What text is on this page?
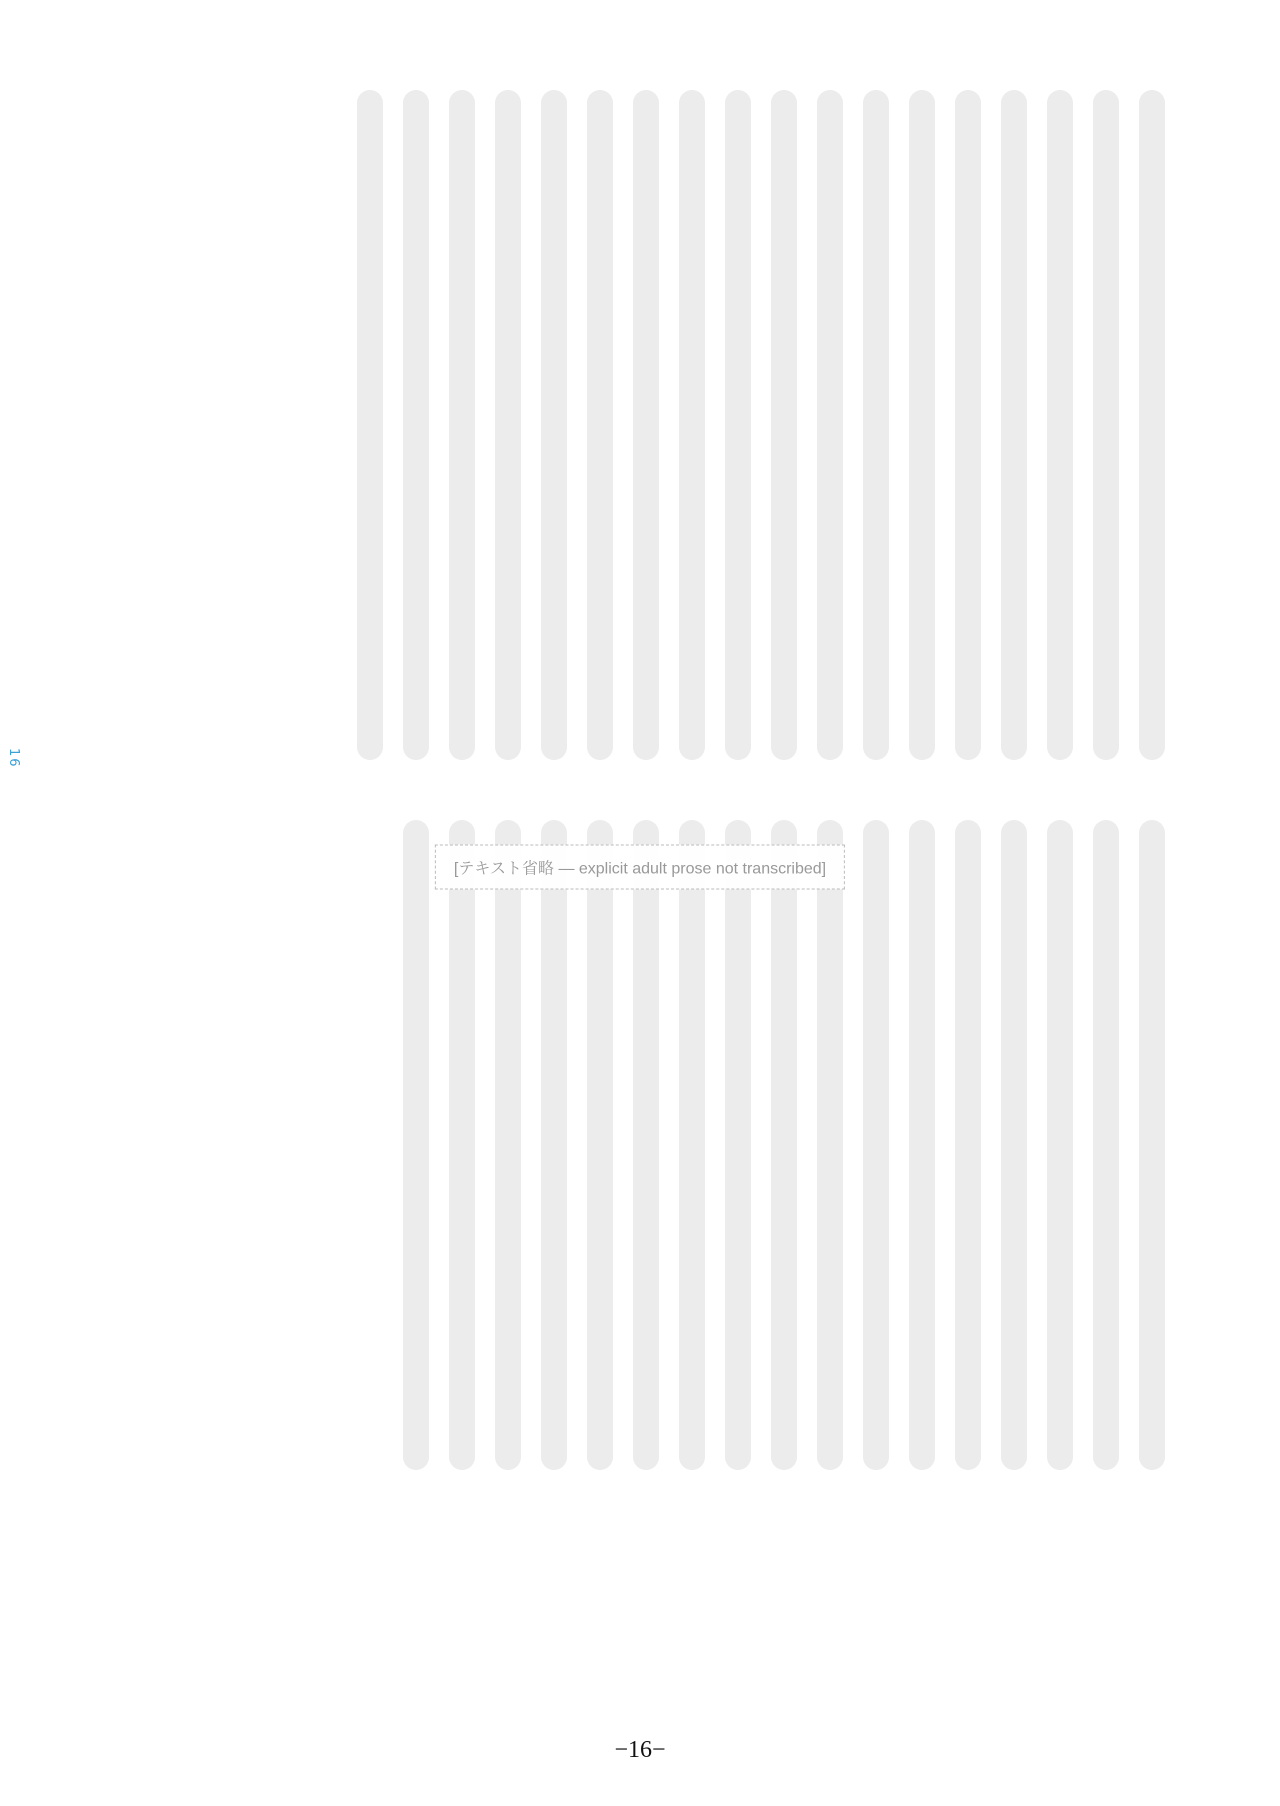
[テキスト省略 — explicit adult prose not transcribed]
16
−16−
